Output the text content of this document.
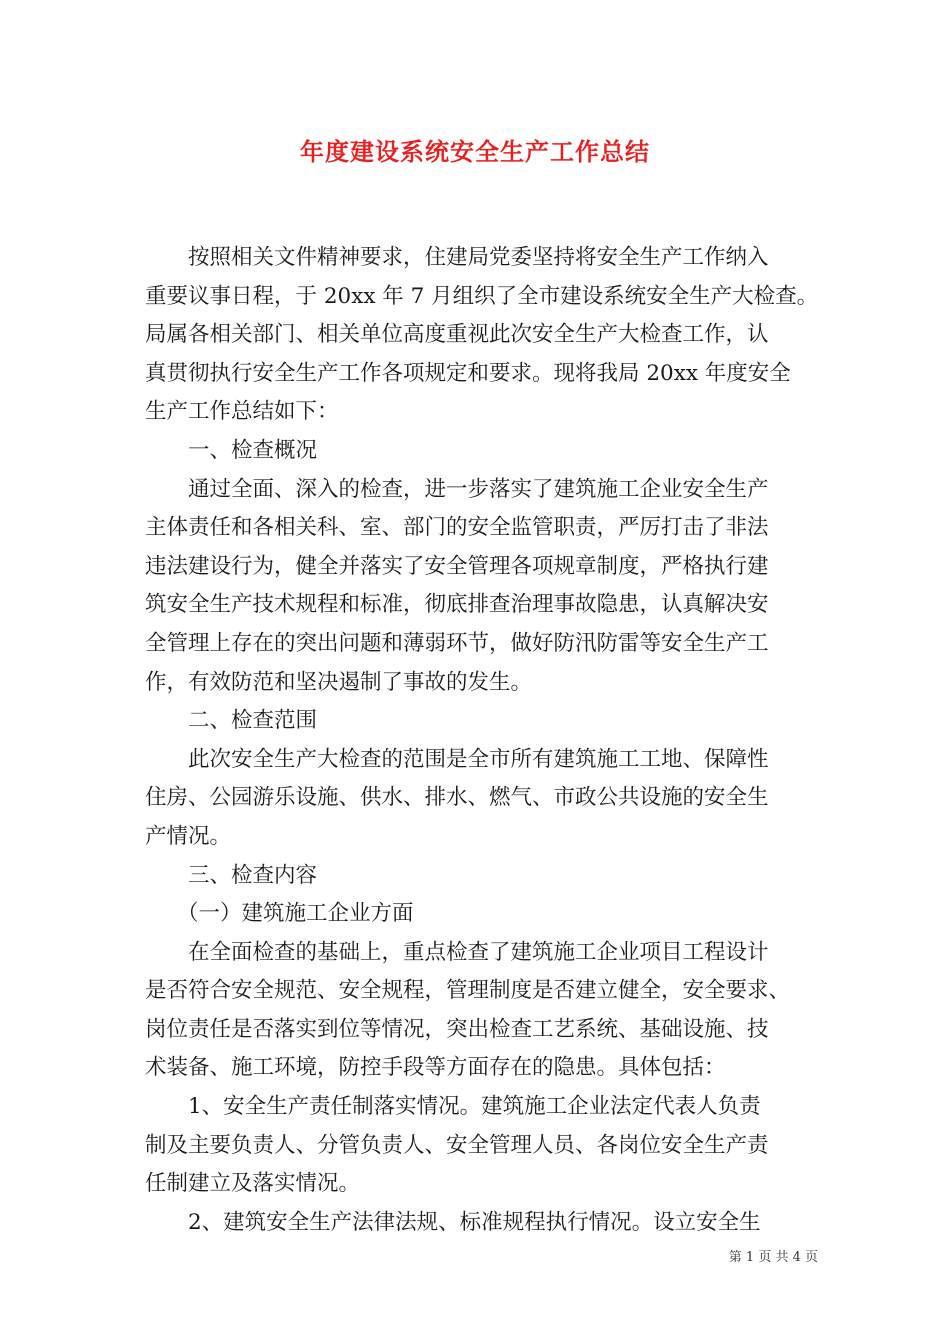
年度建设系统安全生产工作总结
按照相关文件精神要求，住建局党委坚持将安全生产工作纳入
重要议事日程，于 20xx 年 7 月组织了全市建设系统安全生产大检查。
局属各相关部门、相关单位高度重视此次安全生产大检查工作，认
真贯彻执行安全生产工作各项规定和要求。现将我局 20xx 年度安全
生产工作总结如下：
一、检查概况
通过全面、深入的检查，进一步落实了建筑施工企业安全生产
主体责任和各相关科、室、部门的安全监管职责，严厉打击了非法
违法建设行为，健全并落实了安全管理各项规章制度，严格执行建
筑安全生产技术规程和标准，彻底排查治理事故隐患，认真解决安
全管理上存在的突出问题和薄弱环节，做好防汛防雷等安全生产工
作，有效防范和坚决遏制了事故的发生。
二、检查范围
此次安全生产大检查的范围是全市所有建筑施工工地、保障性
住房、公园游乐设施、供水、排水、燃气、市政公共设施的安全生
产情况。
三、检查内容
（一）建筑施工企业方面
在全面检查的基础上，重点检查了建筑施工企业项目工程设计
是否符合安全规范、安全规程，管理制度是否建立健全，安全要求、
岗位责任是否落实到位等情况，突出检查工艺系统、基础设施、技
术装备、施工环境，防控手段等方面存在的隐患。具体包括：
1、安全生产责任制落实情况。建筑施工企业法定代表人负责
制及主要负责人、分管负责人、安全管理人员、各岗位安全生产责
任制建立及落实情况。
2、建筑安全生产法律法规、标准规程执行情况。设立安全生
第 1 页 共 4 页
